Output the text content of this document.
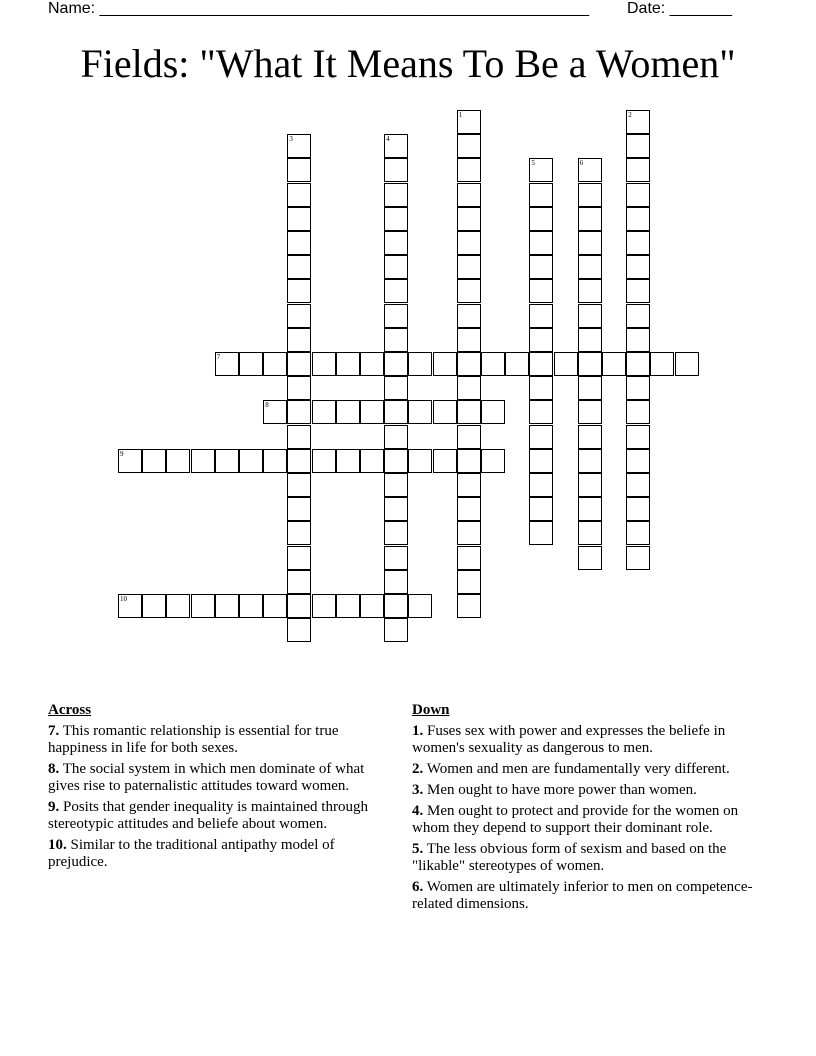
Name: _______________________________________________________

Date: _______

Fields: "What It Means To Be a Women"
1	2
3	4
5	6
7
8
9
10
Across
7. This romantic relationship is essential for true happiness in life for both sexes.
8. The social system in which men dominate of what gives rise to paternalistic attitudes toward women.
9. Posits that gender inequality is maintained through stereotypic attitudes and beliefe about women.
10. Similar to the traditional antipathy model of prejudice.
Down
1. Fuses sex with power and expresses the beliefe in women's sexuality as dangerous to men.
2. Women and men are fundamentally very different.
3. Men ought to have more power than women.
4. Men ought to protect and provide for the women on whom they depend to support their dominant role.
5. The less obvious form of sexism and based on the "likable" stereotypes of women.
6. Women are ultimately inferior to men on competence-related dimensions.
